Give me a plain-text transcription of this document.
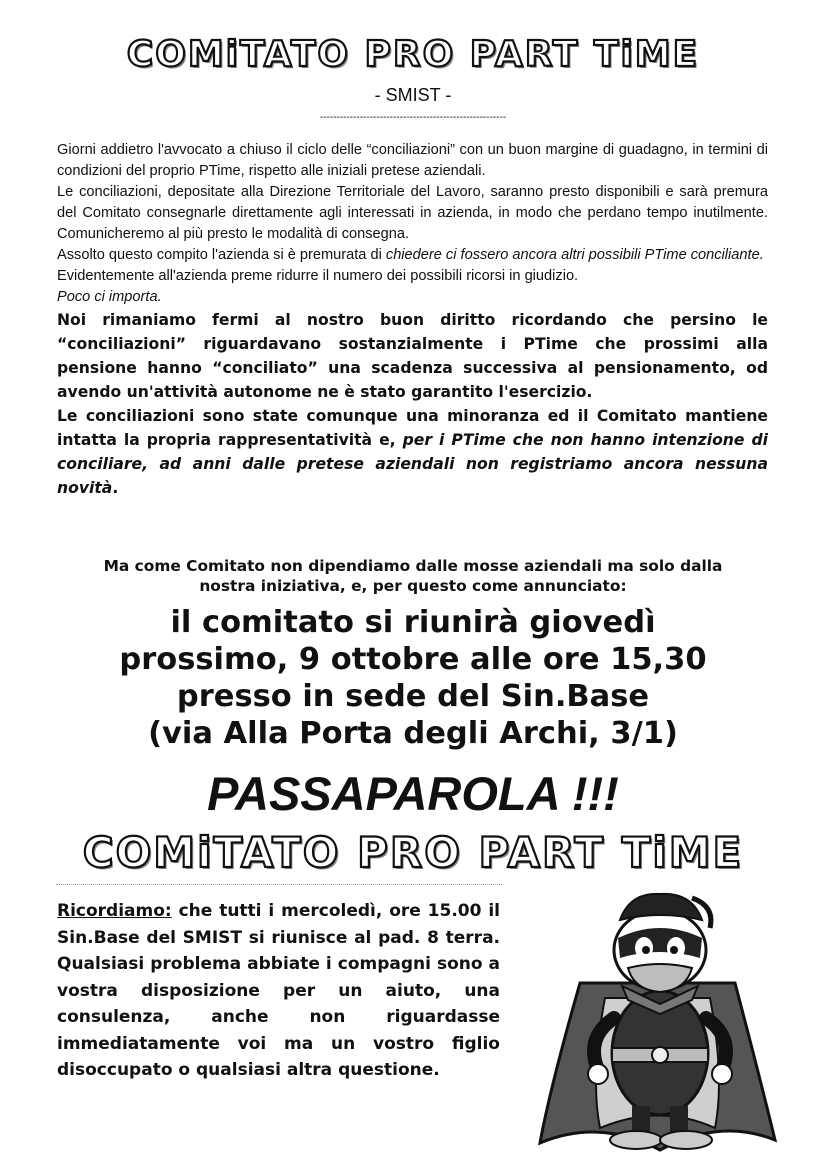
COMiTATO PRO PART TiME
- SMIST -
--------------------------------------------------------

Giorni addietro l'avvocato a chiuso il ciclo delle “conciliazioni” con un buon margine di guadagno, in termini di condizioni del proprio PTime, rispetto alle iniziali pretese aziendali.

Le conciliazioni, depositate alla Direzione Territoriale del Lavoro, saranno presto disponibili e sarà premura del Comitato consegnarle direttamente agli interessati in azienda, in modo che perdano tempo inutilmente. Comunicheremo al più presto le modalità di consegna.

Assolto questo compito l'azienda si è premurata di chiedere ci fossero ancora altri possibili PTime conciliante.

Evidentemente all'azienda preme ridurre il numero dei possibili ricorsi in giudizio.

Poco ci importa.

Noi rimaniamo fermi al nostro buon diritto ricordando che persino le “conciliazioni” riguardavano sostanzialmente i PTime che prossimi alla pensione hanno “conciliato” una scadenza successiva al pensionamento, od avendo un'attività autonome ne è stato garantito l'esercizio.

Le conciliazioni sono state comunque una minoranza ed il Comitato mantiene intatta la propria rappresentatività e, per i PTime che non hanno intenzione di conciliare, ad anni dalle pretese aziendali non registriamo ancora nessuna novità.

Ma come Comitato non dipendiamo dalle mosse aziendali ma solo dalla
nostra iniziativa, e, per questo come annunciato:
il comitato si riunirà giovedì
prossimo, 9 ottobre alle ore 15,30
presso in sede del Sin.Base
(via Alla Porta degli Archi, 3/1)
PASSAPAROLA !!!
COMiTATO PRO PART TiME
Ricordiamo: che tutti i mercoledì, ore 15.00 il Sin.Base del SMIST si riunisce al pad. 8 terra. Qualsiasi problema abbiate i compagni sono a vostra disposizione per un aiuto, una consulenza, anche non riguardasse immediatamente voi ma un vostro figlio disoccupato o qualsiasi altra questione.
